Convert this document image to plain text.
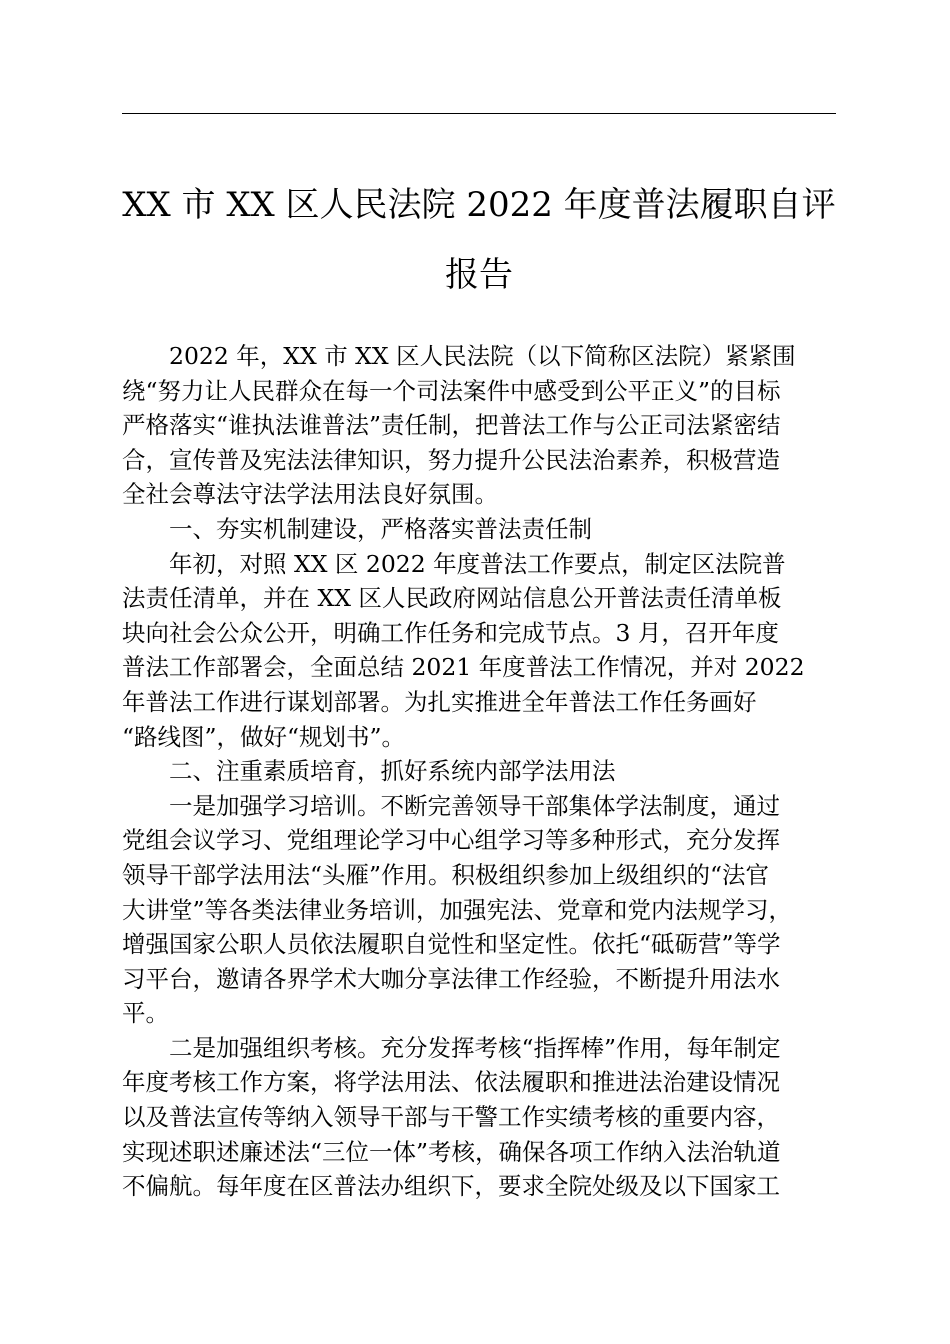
XX 市 XX 区人民法院 2022 年度普法履职自评
报告

2022 年，XX 市 XX 区人民法院（以下简称区法院）紧紧围
绕“努力让人民群众在每一个司法案件中感受到公平正义”的目标
严格落实“谁执法谁普法”责任制，把普法工作与公正司法紧密结
合，宣传普及宪法法律知识，努力提升公民法治素养，积极营造
全社会尊法守法学法用法良好氛围。

一、夯实机制建设，严格落实普法责任制

年初，对照 XX 区 2022 年度普法工作要点，制定区法院普
法责任清单，并在 XX 区人民政府网站信息公开普法责任清单板
块向社会公众公开，明确工作任务和完成节点。3 月，召开年度
普法工作部署会，全面总结 2021 年度普法工作情况，并对 2022
年普法工作进行谋划部署。为扎实推进全年普法工作任务画好
“路线图”，做好“规划书”。

二、注重素质培育，抓好系统内部学法用法

一是加强学习培训。不断完善领导干部集体学法制度，通过
党组会议学习、党组理论学习中心组学习等多种形式，充分发挥
领导干部学法用法“头雁”作用。积极组织参加上级组织的“法官
大讲堂”等各类法律业务培训，加强宪法、党章和党内法规学习，
增强国家公职人员依法履职自觉性和坚定性。依托“砥砺营”等学
习平台，邀请各界学术大咖分享法律工作经验，不断提升用法水
平。

二是加强组织考核。充分发挥考核“指挥棒”作用，每年制定
年度考核工作方案，将学法用法、依法履职和推进法治建设情况
以及普法宣传等纳入领导干部与干警工作实绩考核的重要内容，
实现述职述廉述法“三位一体”考核，确保各项工作纳入法治轨道
不偏航。每年度在区普法办组织下，要求全院处级及以下国家工
